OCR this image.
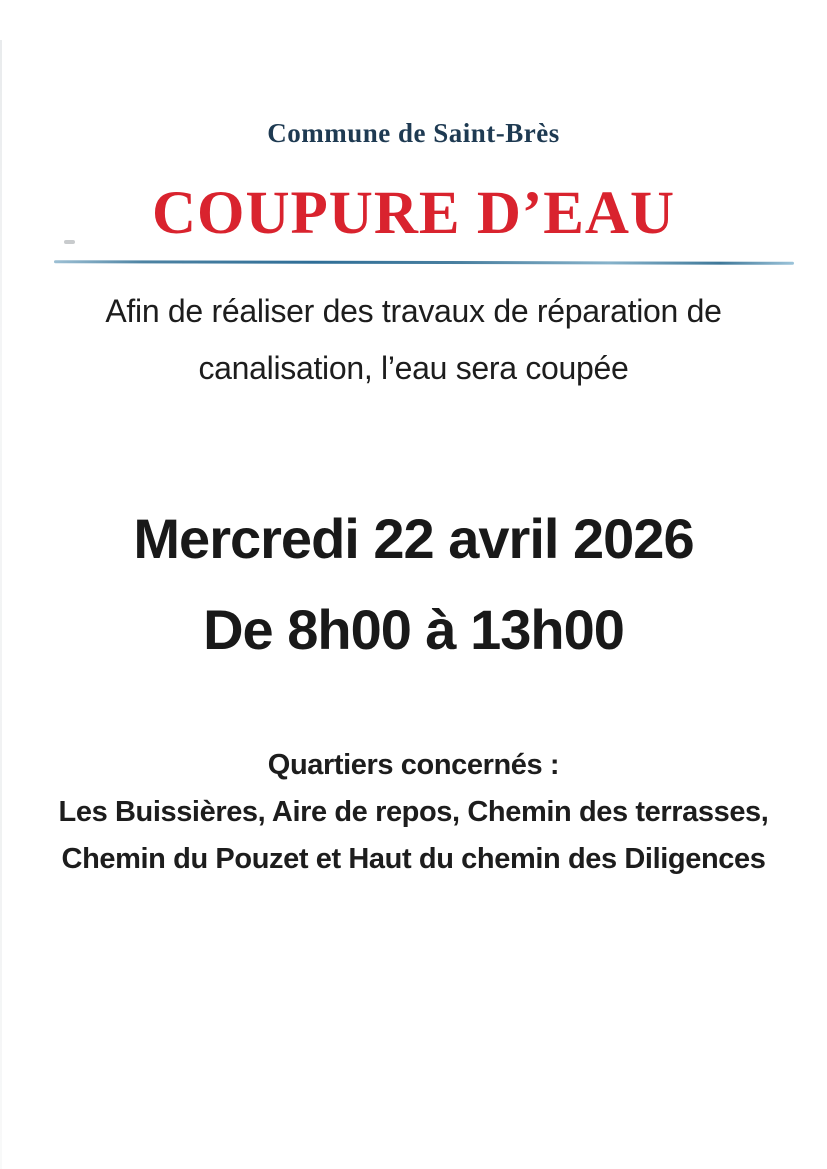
Commune de Saint-Brès
COUPURE D’EAU
Afin de réaliser des travaux de réparation de
canalisation, l’eau sera coupée
Mercredi 22 avril 2026
De 8h00 à 13h00
Quartiers concernés :
Les Buissières, Aire de repos, Chemin des terrasses,
Chemin du Pouzet et Haut du chemin des Diligences
